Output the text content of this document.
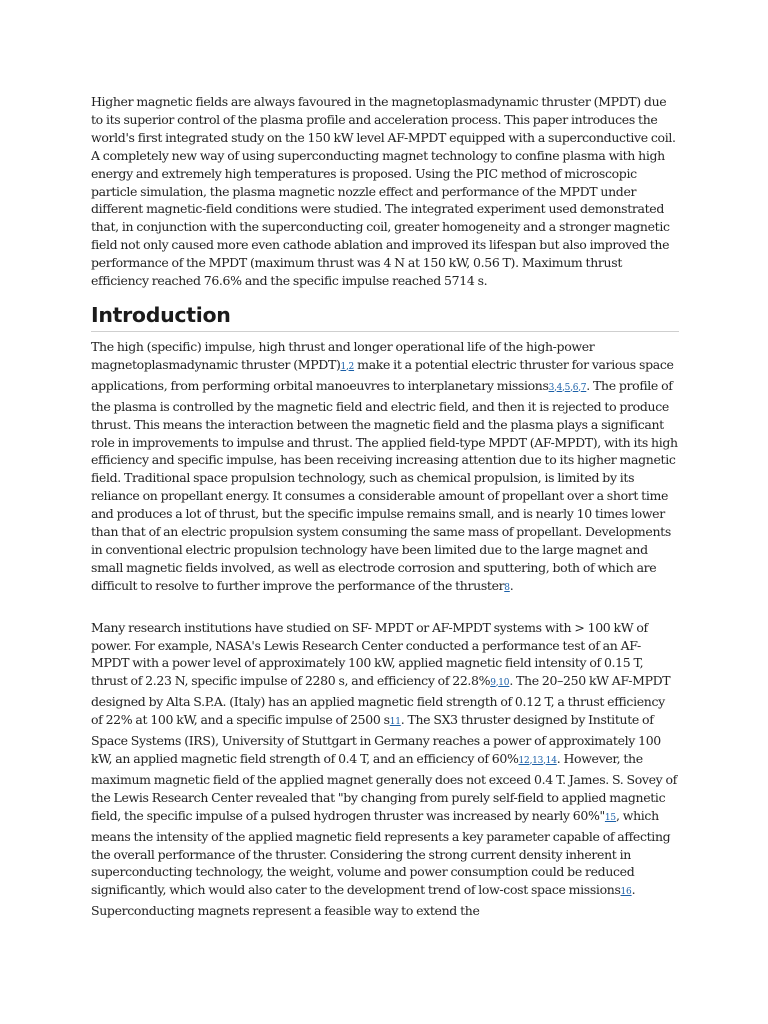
Higher magnetic fields are always favoured in the magnetoplasmadynamic thruster (MPDT) due to its superior control of the plasma profile and acceleration process. This paper introduces the world's first integrated study on the 150 kW level AF-MPDT equipped with a superconductive coil. A completely new way of using superconducting magnet technology to confine plasma with high energy and extremely high temperatures is proposed. Using the PIC method of microscopic particle simulation, the plasma magnetic nozzle effect and performance of the MPDT under different magnetic-field conditions were studied. The integrated experiment used demonstrated that, in conjunction with the superconducting coil, greater homogeneity and a stronger magnetic field not only caused more even cathode ablation and improved its lifespan but also improved the performance of the MPDT (maximum thrust was 4 N at 150 kW, 0.56 T). Maximum thrust efficiency reached 76.6% and the specific impulse reached 5714 s.

Introduction

The high (specific) impulse, high thrust and longer operational life of the high-power magnetoplasmadynamic thruster (MPDT)1,2 make it a potential electric thruster for various space applications, from performing orbital manoeuvres to interplanetary missions3,4,5,6,7. The profile of the plasma is controlled by the magnetic field and electric field, and then it is rejected to produce thrust. This means the interaction between the magnetic field and the plasma plays a significant role in improvements to impulse and thrust. The applied field-type MPDT (AF-MPDT), with its high efficiency and specific impulse, has been receiving increasing attention due to its higher magnetic field. Traditional space propulsion technology, such as chemical propulsion, is limited by its reliance on propellant energy. It consumes a considerable amount of propellant over a short time and produces a lot of thrust, but the specific impulse remains small, and is nearly 10 times lower than that of an electric propulsion system consuming the same mass of propellant. Developments in conventional electric propulsion technology have been limited due to the large magnet and small magnetic fields involved, as well as electrode corrosion and sputtering, both of which are difficult to resolve to further improve the performance of the thruster8.

Many research institutions have studied on SF- MPDT or AF-MPDT systems with > 100 kW of power. For example, NASA's Lewis Research Center conducted a performance test of an AF-MPDT with a power level of approximately 100 kW, applied magnetic field intensity of 0.15 T, thrust of 2.23 N, specific impulse of 2280 s, and efficiency of 22.8%9,10. The 20–250 kW AF-MPDT designed by Alta S.P.A. (Italy) has an applied magnetic field strength of 0.12 T, a thrust efficiency of 22% at 100 kW, and a specific impulse of 2500 s11. The SX3 thruster designed by Institute of Space Systems (IRS), University of Stuttgart in Germany reaches a power of approximately 100 kW, an applied magnetic field strength of 0.4 T, and an efficiency of 60%12,13,14. However, the maximum magnetic field of the applied magnet generally does not exceed 0.4 T. James. S. Sovey of the Lewis Research Center revealed that "by changing from purely self-field to applied magnetic field, the specific impulse of a pulsed hydrogen thruster was increased by nearly 60%"15, which means the intensity of the applied magnetic field represents a key parameter capable of affecting the overall performance of the thruster. Considering the strong current density inherent in superconducting technology, the weight, volume and power consumption could be reduced significantly, which would also cater to the development trend of low-cost space missions16. Superconducting magnets represent a feasible way to extend the
